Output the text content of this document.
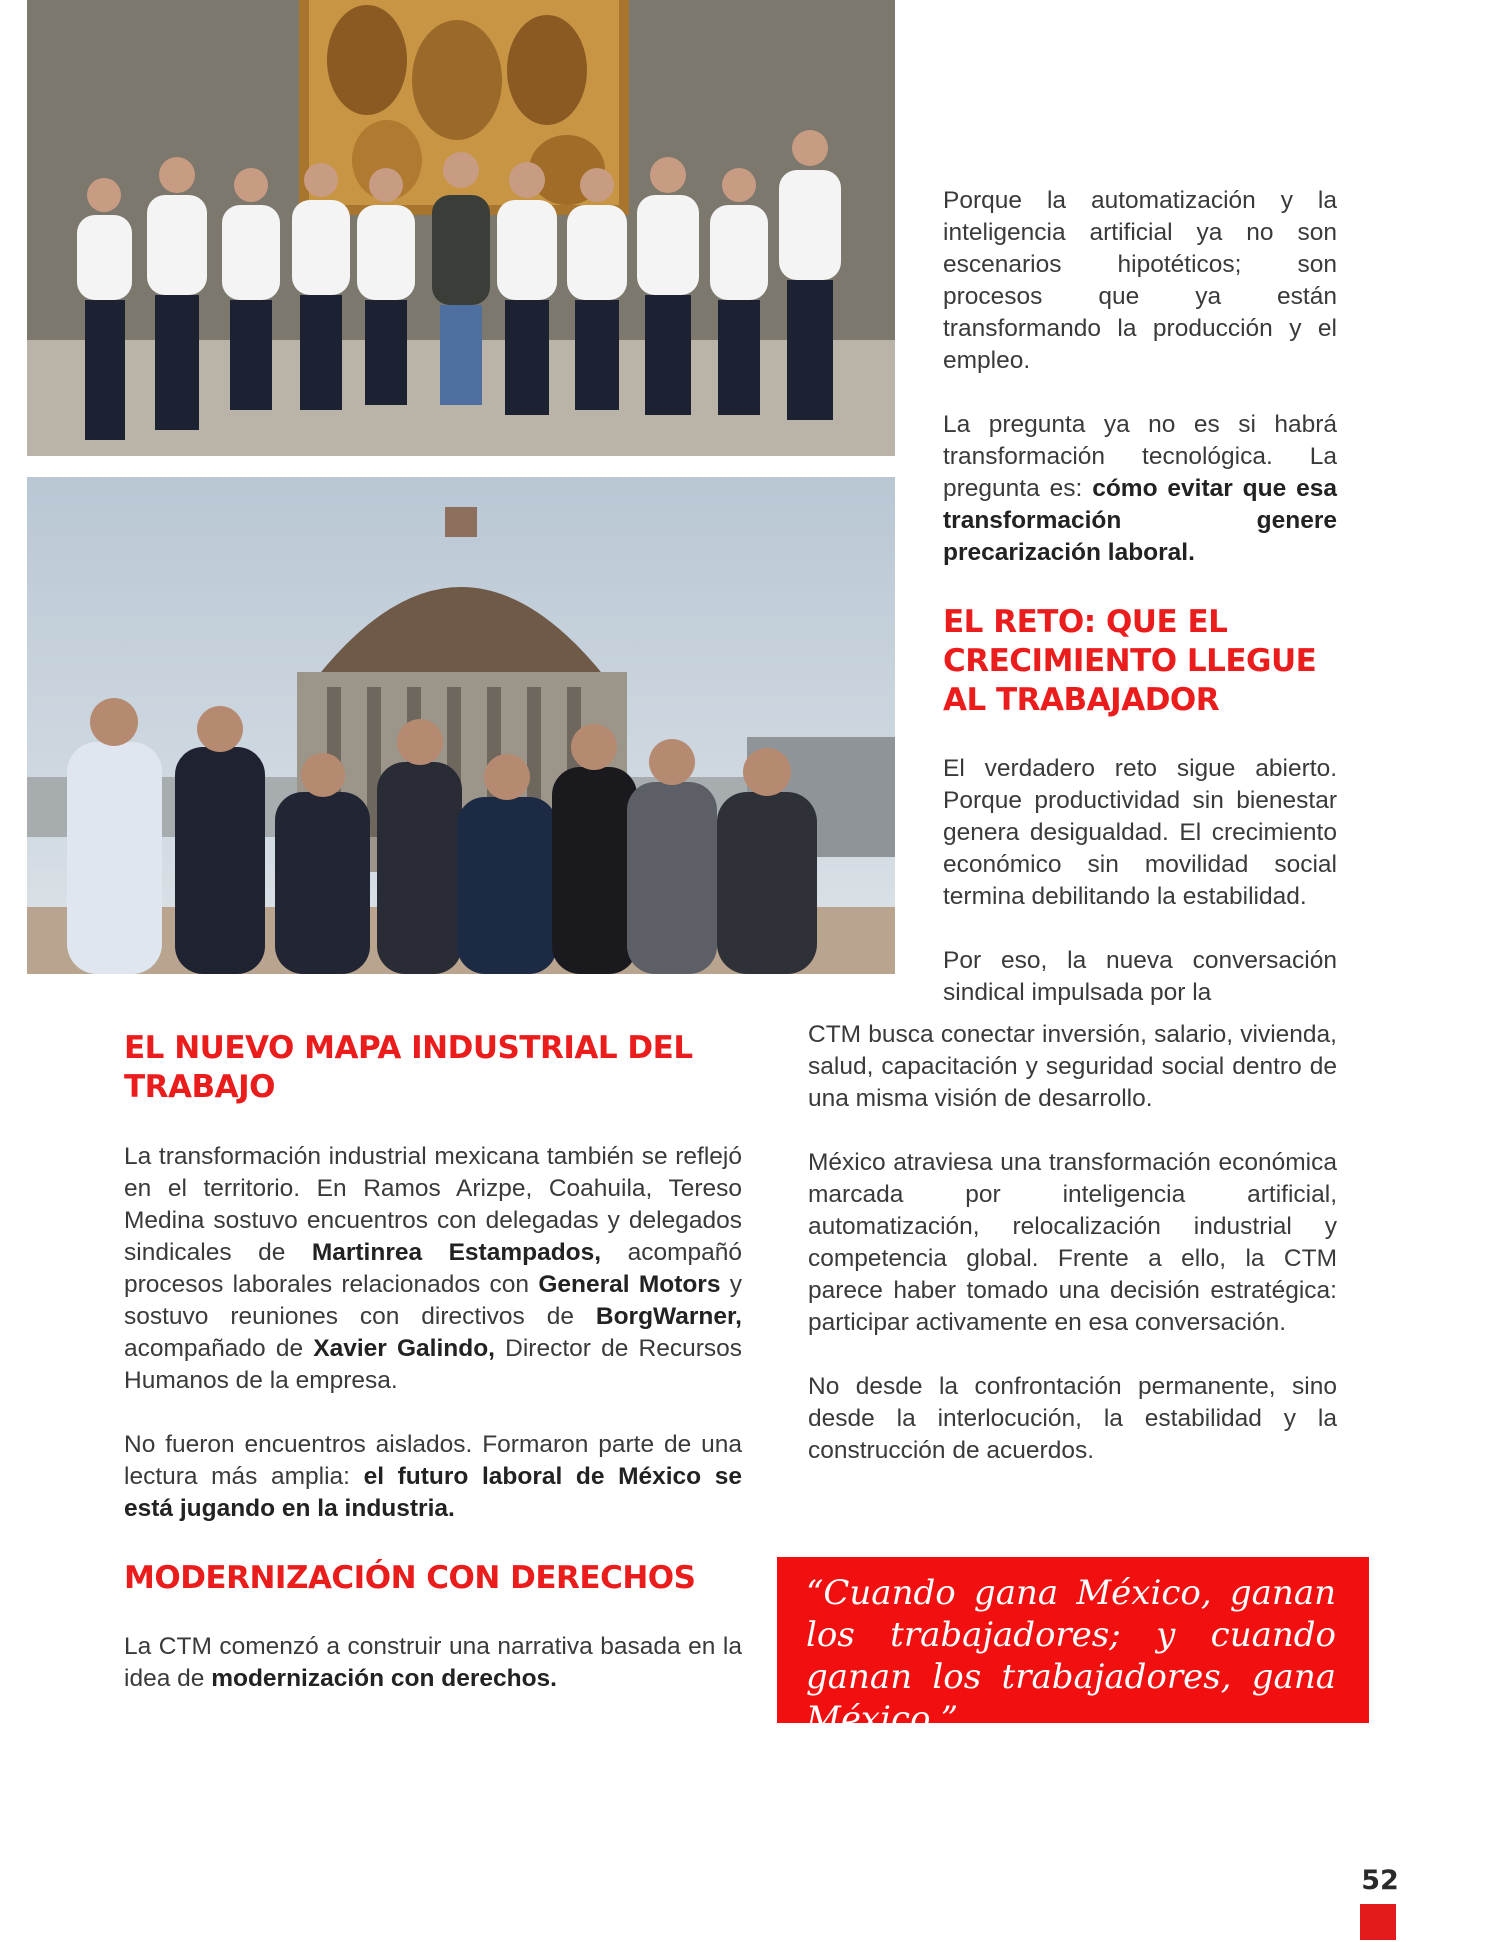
Porque la automatización y la inteligencia artificial ya no son escenarios hipotéticos; son procesos que ya están transformando la producción y el empleo.

La pregunta ya no es si habrá transformación tecnológica. La pregunta es: cómo evitar que esa transformación genere precarización laboral.

EL RETO: QUE EL CRECIMIENTO LLEGUE AL TRABAJADOR

El verdadero reto sigue abierto. Porque productividad sin bienestar genera desigualdad. El crecimiento económico sin movilidad social termina debilitando la estabilidad.

Por eso, la nueva conversación sindical impulsada por la

CTM busca conectar inversión, salario, vivienda, salud, capacitación y seguridad social dentro de una misma visión de desarrollo.

México atraviesa una transformación económica marcada por inteligencia artificial, automatización, relocalización industrial y competencia global. Frente a ello, la CTM parece haber tomado una decisión estratégica: participar activamente en esa conversación.

No desde la confrontación permanente, sino desde la interlocución, la estabilidad y la construcción de acuerdos.

EL NUEVO MAPA INDUSTRIAL DEL TRABAJO

La transformación industrial mexicana también se reflejó en el territorio. En Ramos Arizpe, Coahuila, Tereso Medina sostuvo encuentros con delegadas y delegados sindicales de Martinrea Estampados, acompañó procesos laborales relacionados con General Motors y sostuvo reuniones con directivos de BorgWarner, acompañado de Xavier Galindo, Director de Recursos Humanos de la empresa.

No fueron encuentros aislados. Formaron parte de una lectura más amplia: el futuro laboral de México se está jugando en la industria.

MODERNIZACIÓN CON DERECHOS

La CTM comenzó a construir una narrativa basada en la idea de modernización con derechos.

“Cuando gana México, ganan los trabajadores; y cuando ganan los trabajadores, gana México.”

52
